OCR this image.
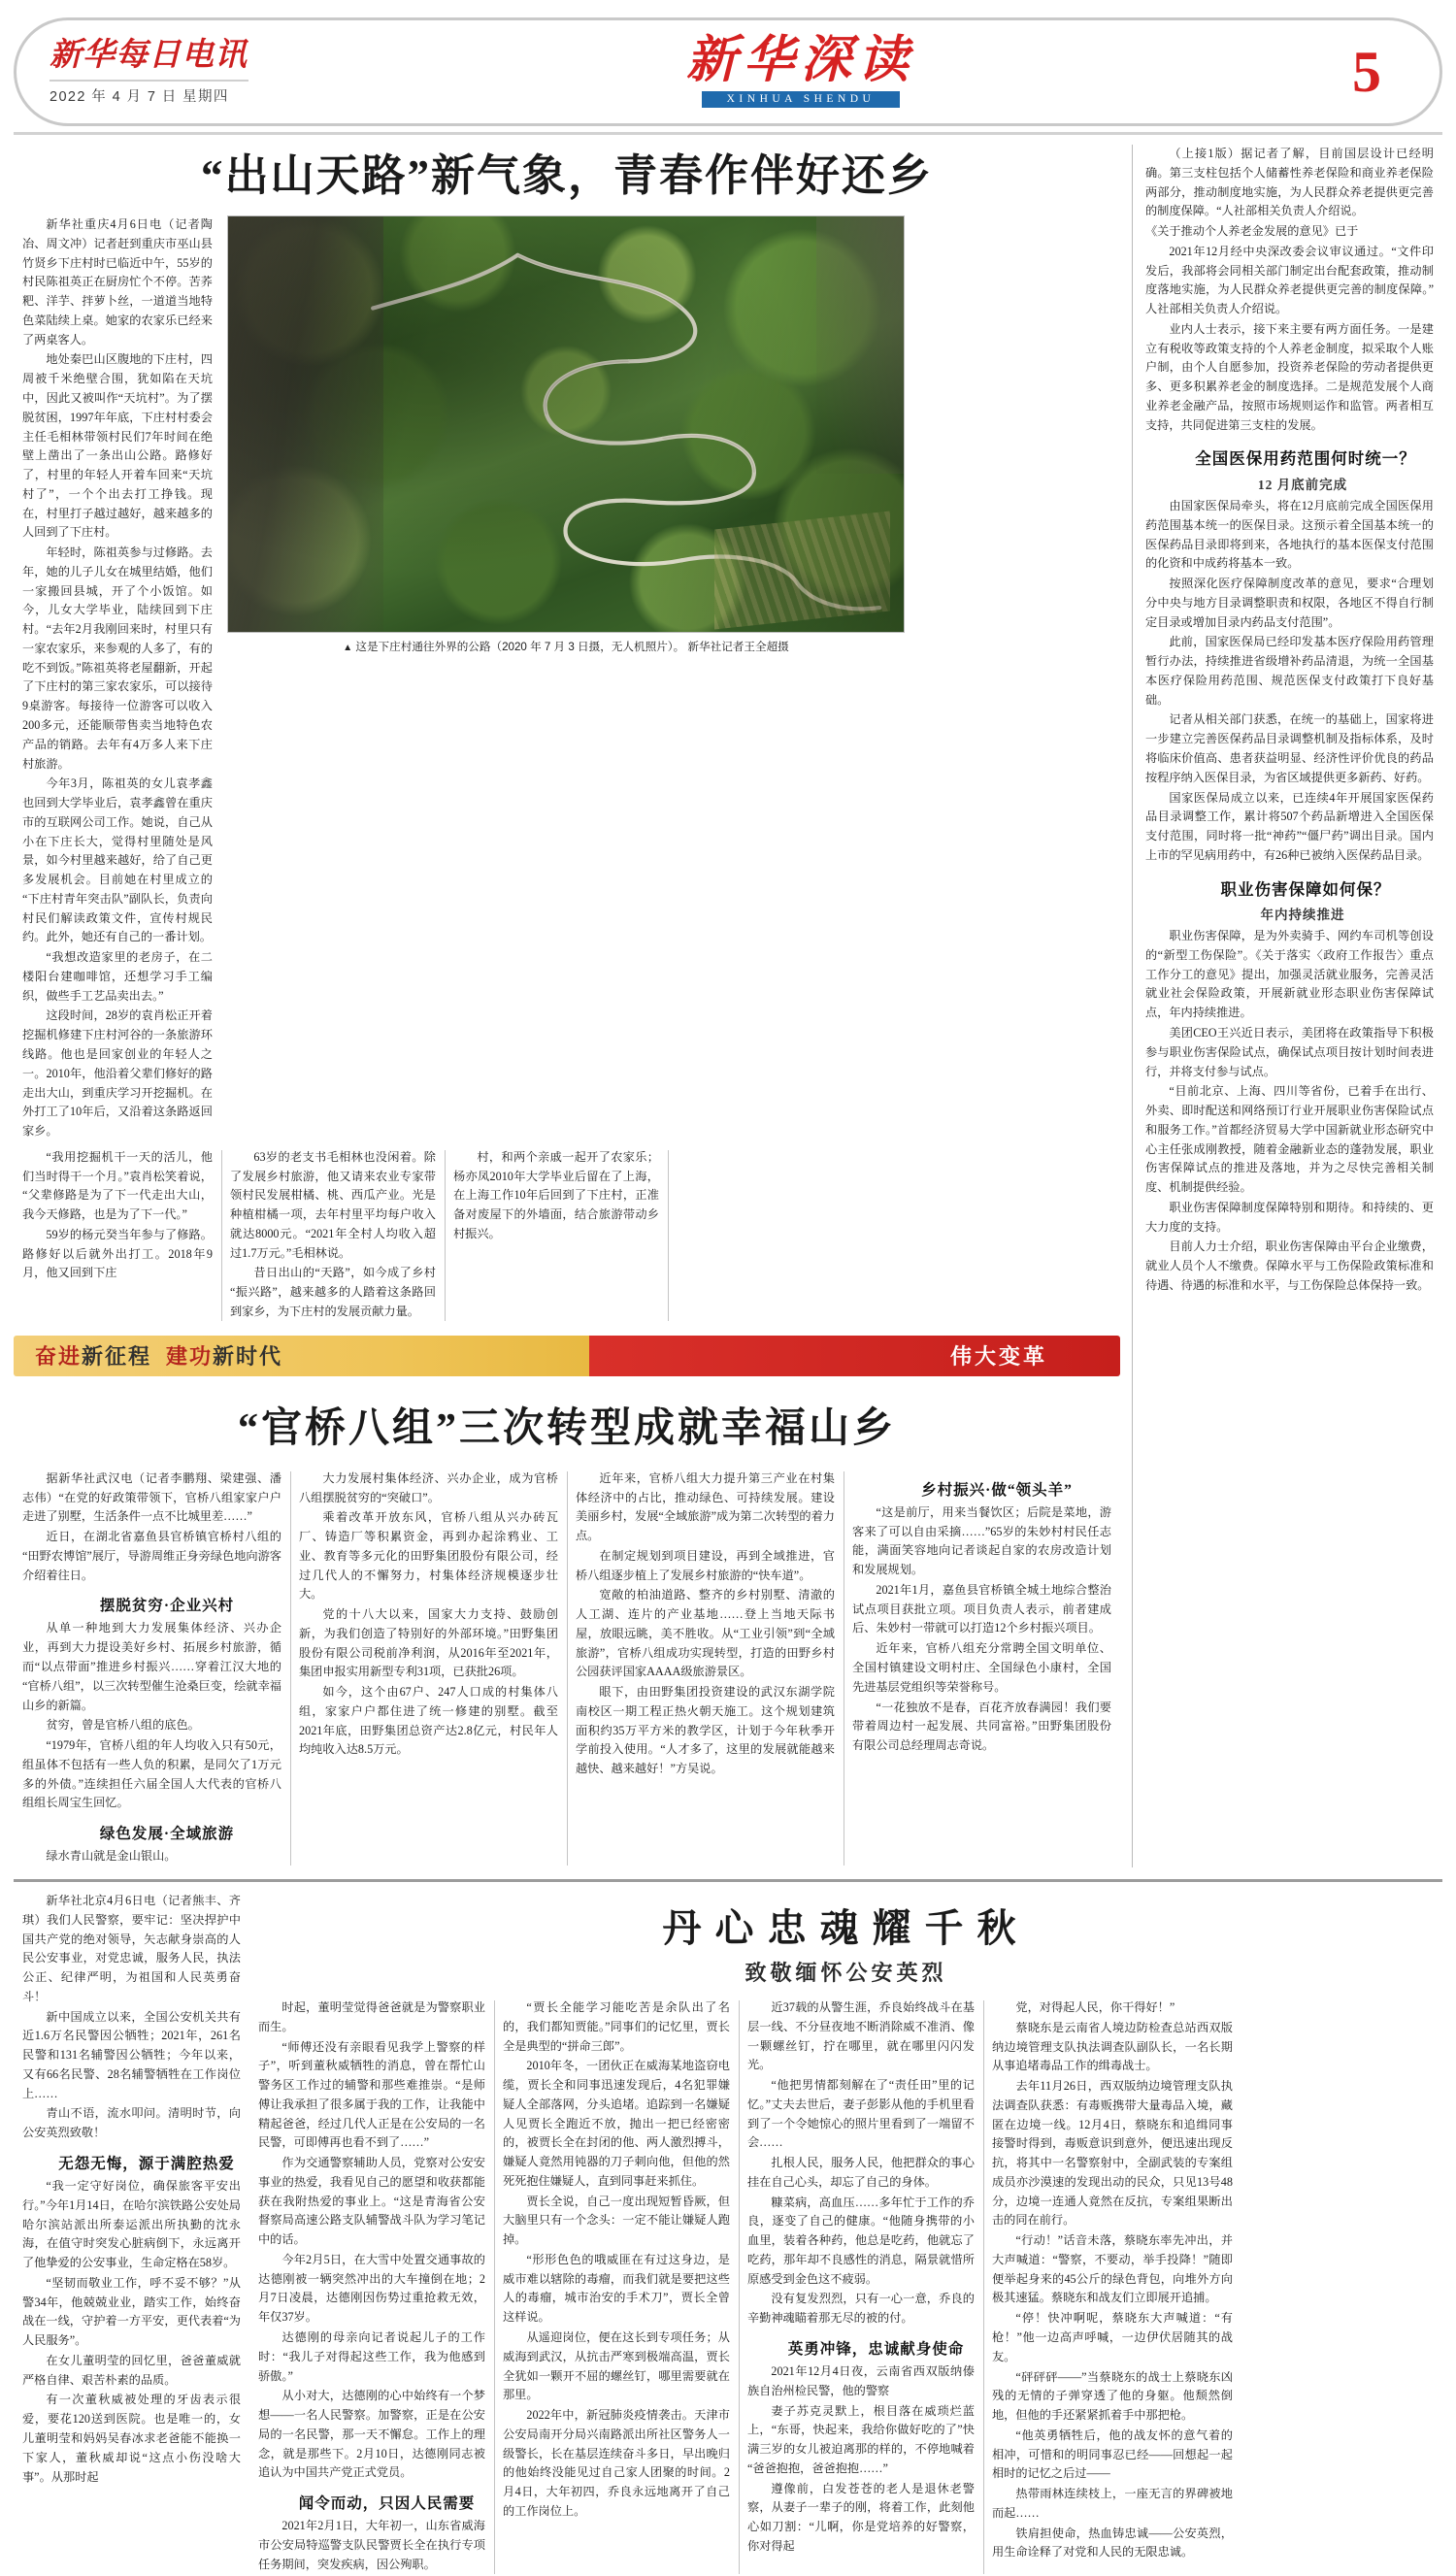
新华每日电讯
2022 年 4 月 7 日 星期四
新华深读
XINHUA SHENDU	5
“出山天路”新气象，青春作伴好还乡

新华社重庆4月6日电（记者陶冶、周文冲）记者赶到重庆市巫山县竹贤乡下庄村时已临近中午，55岁的村民陈祖英正在厨房忙个不停。苦荞粑、洋芋、拌萝卜丝，一道道当地特色菜陆续上桌。她家的农家乐已经来了两桌客人。

地处秦巴山区腹地的下庄村，四周被千米绝壁合围，犹如陷在天坑中，因此又被叫作“天坑村”。为了摆脱贫困，1997年年底，下庄村村委会主任毛相林带领村民们7年时间在绝壁上凿出了一条出山公路。路修好了，村里的年轻人开着车回来“天坑村了”，一个个出去打工挣钱。现在，村里打子越过越好，越来越多的人回到了下庄村。

年轻时，陈祖英参与过修路。去年，她的儿子儿女在城里结婚，他们一家搬回县城，开了个小饭馆。如今，儿女大学毕业，陆续回到下庄村。“去年2月我刚回来时，村里只有一家农家乐，来参观的人多了，有的吃不到饭。”陈祖英将老屋翻新，开起了下庄村的第三家农家乐，可以接待9桌游客。每接待一位游客可以收入200多元，还能顺带售卖当地特色农产品的销路。去年有4万多人来下庄村旅游。

今年3月，陈祖英的女儿袁孝鑫也回到大学毕业后，袁孝鑫曾在重庆市的互联网公司工作。她说，自己从小在下庄长大，觉得村里随处是风景，如今村里越来越好，给了自己更多发展机会。目前她在村里成立的“下庄村青年突击队”副队长，负责向村民们解读政策文件，宣传村规民约。此外，她还有自己的一番计划。

“我想改造家里的老房子，在二楼阳台建咖啡馆，还想学习手工编织，做些手工艺品卖出去。”

这段时间，28岁的袁肖松正开着挖掘机修建下庄村河谷的一条旅游环线路。他也是回家创业的年轻人之一。2010年，他沿着父辈们修好的路走出大山，到重庆学习开挖掘机。在外打工了10年后，又沿着这条路返回家乡。

▲ 这是下庄村通往外界的公路（2020 年 7 月 3 日摄，无人机照片）。 新华社记者王全超摄

“我用挖掘机干一天的活儿，他们当时得干一个月。”袁肖松笑着说，“父辈修路是为了下一代走出大山，我今天修路，也是为了下一代。”

59岁的杨元癸当年参与了修路。路修好以后就外出打工。2018年9月，他又回到下庄

63岁的老支书毛相林也没闲着。除了发展乡村旅游，他又请来农业专家带领村民发展柑橘、桃、西瓜产业。光是种植柑橘一项，去年村里平均每户收入就达8000元。“2021年全村人均收入超过1.7万元。”毛相林说。

昔日出山的“天路”，如今成了乡村“振兴路”，越来越多的人踏着这条路回到家乡，为下庄村的发展贡献力量。

村，和两个亲戚一起开了农家乐；杨亦凤2010年大学毕业后留在了上海，在上海工作10年后回到了下庄村，正准备对废屋下的外墙面，结合旅游带动乡村振兴。

奋进新征程 建功新时代	伟大变革
“官桥八组”三次转型成就幸福山乡

据新华社武汉电（记者李鹏翔、梁建强、潘志伟）“在党的好政策带领下，官桥八组家家户户走进了别墅，生活条件一点不比城里差……”

近日，在湖北省嘉鱼县官桥镇官桥村八组的“田野农博馆”展厅，导游周维正身旁绿色地向游客介绍着往日。

摆脱贫穷·企业兴村

从单一种地到大力发展集体经济、兴办企业，再到大力提设美好乡村、拓展乡村旅游，循而“以点带面”推进乡村振兴……穿着江汉大地的“官桥八组”，以三次转型催生沧桑巨变，绘就幸福山乡的新篇。

贫穷，曾是官桥八组的底色。

“1979年，官桥八组的年人均收入只有50元，组虽体不包括有一些人负的积累，是同欠了1万元多的外债。”连续担任六届全国人大代表的官桥八组组长周宝生回忆。

绿色发展·全域旅游

绿水青山就是金山银山。

大力发展村集体经济、兴办企业，成为官桥八组摆脱贫穷的“突破口”。

乘着改革开放东风，官桥八组从兴办砖瓦厂、铸造厂等积累资金，再到办起涂鸦业、工业、教育等多元化的田野集团股份有限公司，经过几代人的不懈努力，村集体经济规模逐步壮大。

党的十八大以来，国家大力支持、鼓励创新，为我们创造了特别好的外部环境。”田野集团股份有限公司税前净利润，从2016年至2021年，集团申报实用新型专利31项，已获批26项。

如今，这个由67户、247人口成的村集体八组，家家户户都住进了统一修建的别墅。截至2021年底，田野集团总资产达2.8亿元，村民年人均纯收入达8.5万元。

近年来，官桥八组大力提升第三产业在村集体经济中的占比，推动绿色、可持续发展。建设美丽乡村，发展“全域旅游”成为第二次转型的着力点。

在制定规划到项目建设，再到全域推进，官桥八组逐步植上了发展乡村旅游的“快车道”。

宽敞的柏油道路、整齐的乡村别墅、清澈的人工湖、连片的产业基地……登上当地天际书屋，放眼远眺，美不胜收。从“工业引领”到“全域旅游”，官桥八组成功实现转型，打造的田野乡村公园获评国家AAAA级旅游景区。

眼下，由田野集团投资建设的武汉东湖学院南校区一期工程正热火朝天施工。这个规划建筑面积约35万平方米的教学区，计划于今年秋季开学前投入使用。“人才多了，这里的发展就能越来越快、越来越好！”方吴说。

乡村振兴·做“领头羊”

“这是前厅，用来当餐饮区；后院是菜地，游客来了可以自由采摘……”65岁的朱妙村村民任志能，满面笑容地向记者谈起自家的农房改造计划和发展规划。

2021年1月，嘉鱼县官桥镇全城土地综合整治试点项目获批立项。项目负责人表示，前者建成后、朱妙村一带就可以打造12个乡村振兴项目。

近年来，官桥八组充分常聘全国文明单位、全国村镇建设文明村庄、全国绿色小康村，全国先进基层党组织等荣誉称号。

“一花独放不是春，百花齐放春满园！我们要带着周边村一起发展、共同富裕。”田野集团股份有限公司总经理周志奇说。

（上接1版）据记者了解，目前国层设计已经明确。第三支柱包括个人储蓄性养老保险和商业养老保险两部分，推动制度地实施，为人民群众养老提供更完善的制度保障。“人社部相关负责人介绍说。

《关于推动个人养老金发展的意见》已于

2021年12月经中央深改委会议审议通过。“文件印发后，我部将会同相关部门制定出台配套政策，推动制度落地实施，为人民群众养老提供更完善的制度保障。”人社部相关负责人介绍说。

业内人士表示，接下来主要有两方面任务。一是建立有税收等政策支持的个人养老金制度，拟采取个人账户制，由个人自愿参加，投资养老保险的劳动者提供更多、更多积累养老金的制度选择。二是规范发展个人商业养老金融产品，按照市场规则运作和监管。两者相互支持，共同促进第三支柱的发展。

全国医保用药范围何时统一？

12 月底前完成

由国家医保局牵头，将在12月底前完成全国医保用药范围基本统一的医保目录。这预示着全国基本统一的医保药品目录即将到来，各地执行的基本医保支付范围的化资和中成药将基本一致。

按照深化医疗保障制度改革的意见，要求“合理划分中央与地方目录调整职责和权限，各地区不得自行制定目录或增加目录内药品支付范围”。

此前，国家医保局已经印发基本医疗保险用药管理暂行办法，持续推进省级增补药品清退，为统一全国基本医疗保险用药范围、规范医保支付政策打下良好基础。

记者从相关部门获悉，在统一的基础上，国家将进一步建立完善医保药品目录调整机制及指标体系，及时将临床价值高、患者获益明显、经济性评价优良的药品按程序纳入医保目录，为省区域提供更多新药、好药。

国家医保局成立以来，已连续4年开展国家医保药品目录调整工作，累计将507个药品新增进入全国医保支付范围，同时将一批“神药”“僵尸药”调出目录。国内上市的罕见病用药中，有26种已被纳入医保药品目录。

职业伤害保障如何保？

年内持续推进

职业伤害保障，是为外卖骑手、网约车司机等创设的“新型工伤保险”。《关于落实〈政府工作报告〉重点工作分工的意见》提出，加强灵活就业服务，完善灵活就业社会保险政策，开展新就业形态职业伤害保障试点，年内持续推进。

美团CEO王兴近日表示，美团将在政策指导下积极参与职业伤害保险试点，确保试点项目按计划时间表进行，并将支付参与试点。

“目前北京、上海、四川等省份，已着手在出行、外卖、即时配送和网络预订行业开展职业伤害保险试点和服务工作。”首都经济贸易大学中国新就业形态研究中心主任张成刚教授，随着金融新业态的蓬勃发展，职业伤害保障试点的推进及落地，并为之尽快完善相关制度、机制提供经验。

职业伤害保障制度保障特别和期待。和持续的、更大力度的支持。

目前人力士介绍，职业伤害保障由平台企业缴费，就业人员个人不缴费。保障水平与工伤保险政策标准和待遇、待遇的标准和水平，与工伤保险总体保持一致。

新华社北京4月6日电（记者熊丰、齐琪）我们人民警察，要牢记：坚决捍护中国共产党的绝对领导，矢志献身崇高的人民公安事业，对党忠诚，服务人民，执法公正、纪律严明，为祖国和人民英勇奋斗！

新中国成立以来，全国公安机关共有近1.6万名民警因公牺牲；2021年，261名民警和131名辅警因公牺牲；今年以来，又有66名民警、28名辅警牺牲在工作岗位上……

青山不语，流水叩问。清明时节，向公安英烈致敬！

无怨无悔，源于满腔热爱

“我一定守好岗位，确保旅客平安出行。”今年1月14日，在哈尔滨铁路公安处局哈尔滨站派出所泰运派出所执勤的沈永海，在值守时突发心脏病倒下，永远离开了他挚爱的公安事业，生命定格在58岁。

“坚韧而敬业工作，呼不妥不够？”从警34年，他兢兢业业，踏实工作，始终奋战在一线，守护着一方平安，更代表着“为人民服务”。

在女儿董明莹的回忆里，爸爸董威就严格自律、艰苦朴素的品质。

有一次董秋威被处理的牙齿表示很爱，要花120送到医院。也是唯一的，女儿董明莹和妈妈吴春冰求老爸能不能换一下家人，董秋威却说“这点小伤没啥大事”。从那时起

丹心忠魂耀千秋
致敬缅怀公安英烈

时起，董明莹觉得爸爸就是为警察职业而生。

“师傅还没有亲眼看见我学上警察的样子”，听到董秋威牺牲的消息，曾在帮忙山警务区工作过的辅警和那些难推崇。“是师傅让我承担了很多属于我的工作，让我能中精起爸爸，经过几代人正是在公安局的一名民警，可即傅再也看不到了……”

作为交通警察辅助人员，党察对公安安事业的热爱，我看见自己的愿望和收获都能获在我附热爱的事业上。“这是青海省公安督察局高速公路支队辅警战斗队为学习笔记中的话。

今年2月5日，在大雪中处置交通事故的达德刚被一辆突然冲出的大车撞倒在地；2月7日凌晨，达德刚因伤势过重抢救无效，年仅37岁。

达德刚的母亲向记者说起儿子的工作时：“我儿子对得起这些工作，我为他感到骄傲。”

从小对大，达德刚的心中始终有一个梦想——一名人民警察。加警察，正是在公安局的一名民警，那一天不懈怠。工作上的理念，就是那些下。2月10日，达德刚同志被追认为中国共产党正式党员。

闻令而动，只因人民需要

2021年2月1日，大年初一，山东省威海市公安局特巡警支队民警贾长全在执行专项任务期间，突发疾病，因公殉职。

“贾长全能学习能吃苦是余队出了名的，我们都知贾能。”同事们的记忆里，贾长全是典型的“拼命三郎”。

2010年冬，一团伙正在威海某地盗窃电缆，贾长全和同事迅速发现后，4名犯罪嫌疑人全部落网，分头追堵。追踪到一名嫌疑人见贾长全跑近不放，抛出一把已经密密的，被贾长全在封闭的他、两人激烈搏斗，嫌疑人竟然用钝器的刀子刺向他，但他的然死死抱住嫌疑人，直到同事赶来抓住。

贾长全说，自己一度出现短暂昏厥，但大脑里只有一个念头：一定不能让嫌疑人跑掉。

“形形色色的哦威匪在有过这身边，是威市难以辖除的毒瘤，而我们就是要把这些人的毒瘤，城市治安的手术刀”，贾长全曾这样说。

从遥迎岗位，便在这长到专项任务；从威海到武汉，从抗击严寒到极端高温，贾长全犹如一颗开不屈的螺丝钉，哪里需要就在那里。

2022年中，新冠肺炎疫情袭击。天津市公安局南开分局兴南路派出所社区警务人一级警长，长在基层连续奋斗多日，早出晚归的他始终没能见过自己家人团聚的时间。2月4日，大年初四，乔良永远地离开了自己的工作岗位上。

近37载的从警生涯，乔良始终战斗在基层一线、不分昼夜地不断消除威不准消、像一颗螺丝钉，拧在哪里，就在哪里闪闪发光。

“他把男情都刻解在了“责任田”里的记忆。”丈夫去世后，妻子彭影从他的手机里看到了一个令她惊心的照片里看到了一端留不会……

扎根人民，服务人民，他把群众的事心挂在自己心头，却忘了自己的身体。

糠菜病，高血压……多年忙于工作的乔良，逐变了自己的健康。“他随身携带的小血里，装着各种药，他总是吃药，他就忘了吃药，那年却不良感性的消息，隔景就惜所原感受到金色这不疲弱。

没有复发烈烈，只有一心一意，乔良的辛勤神魂瞄着那无尽的被的付。

英勇冲锋，忠诚献身使命

2021年12月4日夜，云南省西双版纳傣族自治州检民警，他的警察

妻子苏克灵默上，根目落在威琐烂蓝上，“东哥，快起来，我给你做好吃的了”快满三岁的女儿被迫离那的样的，不停地喊着“爸爸抱抱，爸爸抱抱……”

遵像前，白发苍苍的老人是退休老警察，从妻子一辈子的刚，将着工作，此刻他心如刀割：“儿啊，你是党培养的好警察，你对得起

党，对得起人民，你干得好！”

蔡晓东是云南省人境边防检查总站西双版纳边境管理支队执法调查队副队长，一名长期从事追堵毒品工作的缉毒战士。

去年11月26日，西双版纳边境管理支队执法调查队获悉：有毒贩携带大量毒品入境，藏匿在边境一线。12月4日，蔡晓东和追缉同事接警时得到，毒贩意识到意外，便迅速出现反抗，将其中一名警察射中，全副武装的专案组成员亦沙漠速的发现出动的民众，只见13号48分，边境一连通人竟然在反抗，专案组果断出击的同在前行。

“行动！”话音未落，蔡晓东率先冲出，并大声喊道：“警察，不要动，举手投降！”随即便举起身来的45公斤的绿色背包，向堆外方向极其速猛。蔡晓东和战友们立即展开追捕。

“停！快冲啊呢，蔡晓东大声喊道：“有枪！”他一边高声呼喊，一边伊伏居随其的战友。

“砰砰砰——”当蔡晓东的战士上蔡晓东凶残的无情的子弹穿透了他的身躯。他颓然倒地，但他的手还紧紧抓着手中那把枪。

“他英勇牺牲后，他的战友怀的意气着的相冲，可惜和的明同事忍已经——回想起一起相时的记忆之后过——

热带雨林连续枝上，一座无言的界碑被地而起……

铁肩担使命，热血铸忠诚——公安英烈，用生命诠释了对党和人民的无限忠诚。
